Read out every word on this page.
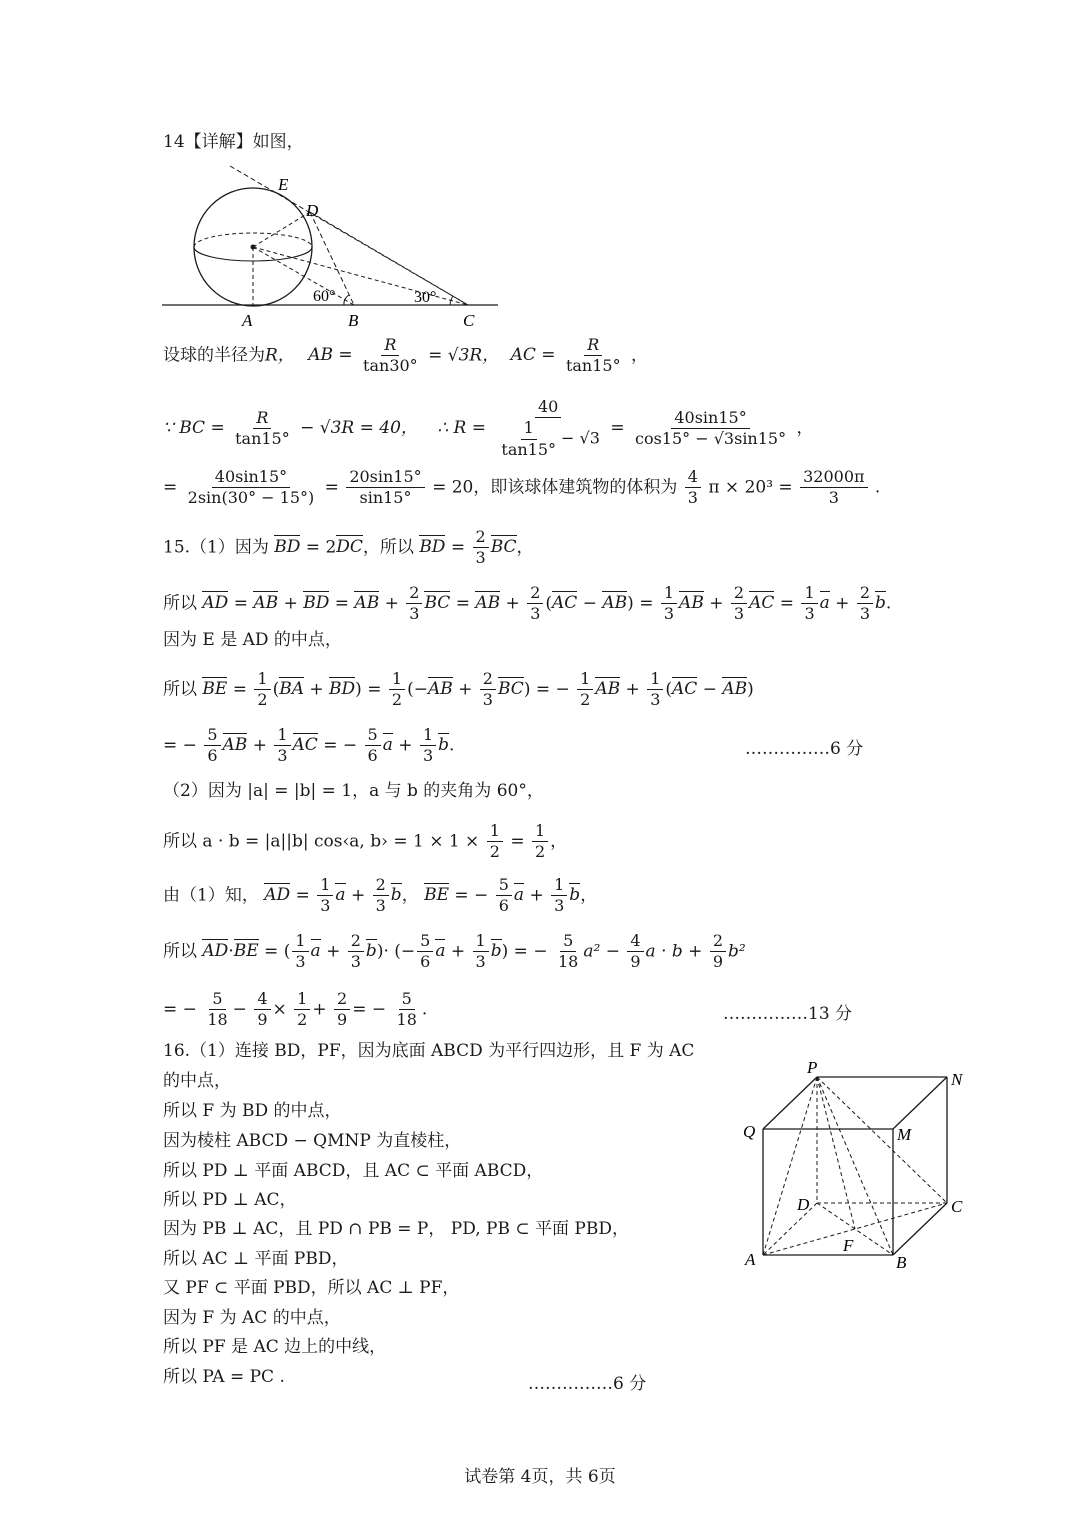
14【详解】如图，
E
D
A	B	C
60°	30°
设球的半径为R， AB = $\frac{R}{\tan 30^\circ} = √3R$， AC = $\frac{R}{\tan 15^\circ}$ ，
∵ BC = $\frac{R}{\tan 15^\circ} - √3R = 40$， ∴ $R = \frac{40}{\frac{1}{\tan 15^\circ} - √3} = \frac{40\sin 15^\circ}{\cos 15^\circ - √3\sin 15^\circ}$ ，
= $\frac{40\sin 15^\circ}{2\sin(30^\circ - 15^\circ)} = \frac{20\sin 15^\circ}{\sin 15^\circ} = 20$，即该球体建筑物的体积为 $\frac{4}{3}$ $\pi \times 20^3 = \frac{32000\pi}{3}$ .
15.（1）因为 BD = 2DC，所以 BD = $\frac{2}{3}$ BC，
所以 AD = AB + BD = AB + $\frac{2}{3}$ BC = AB + $\frac{2}{3} (AC - AB) = \frac{1}{3}$ AB + $\frac{2}{3}$ AC = $\frac{1}{3}$ $a + \frac{2}{3} b$.
因为 E 是 AD 的中点，
所以 BE = $\frac{1}{2} (BA + BD) = \frac{1}{2} (-AB + \frac{2}{3} BC)$ = − $\frac{1}{2}$ AB + $\frac{1}{3} (AC - AB)$
= − $\frac{5}{6}$ AB + $\frac{1}{3}$ AC = − $\frac{5}{6}$ $a + \frac{1}{3} b$.	……………6 分
（2）因为 |a| = |b| = 1，a 与 b 的夹角为 60°，
所以 a · b = |a||b| cos‹a, b› = $1 \times 1 \times \frac{1}{2} = \frac{1}{2}$ ，
由（1）知， AD = $\frac{1}{3}$ $a + \frac{2}{3}$ b， BE = − $\frac{5}{6}$ $a + \frac{1}{3}$ b，
所以 AD·BE = ( $\frac{1}{3}$ $a + \frac{2}{3} b)\cdot$ (− $\frac{5}{6}$ $a + \frac{1}{3} b$) = − $\frac{5}{18} a^2 - \frac{4}{9}$ $a \cdot b + \frac{2}{9} b^2$
= − $\frac{5}{18} - \frac{4}{9} \times \frac{1}{2} + \frac{2}{9}$ = − $\frac{5}{18}$ .	……………13 分
16.（1）连接 BD，PF，因为底面 ABCD 为平行四边形，且 F 为 AC
的中点，
所以 F 为 BD 的中点，
因为棱柱 ABCD − QMNP 为直棱柱，
所以 PD ⊥ 平面 ABCD，且 AC ⊂ 平面 ABCD，
所以 PD ⊥ AC，
因为 PB ⊥ AC，且 PD ∩ PB = P， PD, PB ⊂ 平面 PBD，
所以 AC ⊥ 平面 PBD，
又 PF ⊂ 平面 PBD，所以 AC ⊥ PF，
因为 F 为 AC 的中点，
所以 PF 是 AC 边上的中线，
所以 PA = PC .	……………6 分
P
N
Q	M
D	C
A
F
B
试卷第 4页，共 6页
